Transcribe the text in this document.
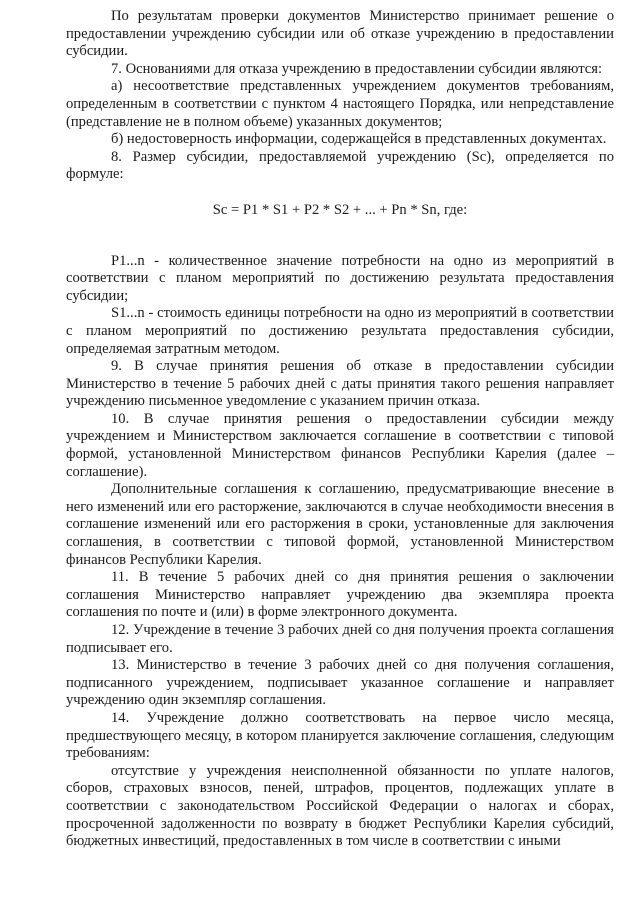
По результатам проверки документов Министерство принимает решение о предоставлении учреждению субсидии или об отказе учреждению в предоставлении субсидии.

7. Основаниями для отказа учреждению в предоставлении субсидии являются:

а) несоответствие представленных учреждением документов требованиям, определенным в соответствии с пунктом 4 настоящего Порядка, или непредставление (представление не в полном объеме) указанных документов;

б) недостоверность информации, содержащейся в представленных документах.

8. Размер субсидии, предоставляемой учреждению (Sс), определяется по формуле:

Sс = Р1 * S1 + Р2 * S2 + ... + Рn * Sn, где:

Р1...n - количественное значение потребности на одно из мероприятий в соответствии с планом мероприятий по достижению результата предоставления субсидии;

S1...n - стоимость единицы потребности на одно из мероприятий в соответствии с планом мероприятий по достижению результата предоставления субсидии, определяемая затратным методом.

9. В случае принятия решения об отказе в предоставлении субсидии Министерство в течение 5 рабочих дней с даты принятия такого решения направляет учреждению письменное уведомление с указанием причин отказа.

10. В случае принятия решения о предоставлении субсидии между учреждением и Министерством заключается соглашение в соответствии с типовой формой, установленной Министерством финансов Республики Карелия (далее – соглашение).

Дополнительные соглашения к соглашению, предусматривающие внесение в него изменений или его расторжение, заключаются в случае необходимости внесения в соглашение изменений или его расторжения в сроки, установленные для заключения соглашения, в соответствии с типовой формой, установленной Министерством финансов Республики Карелия.

11. В течение 5 рабочих дней со дня принятия решения о заключении соглашения Министерство направляет учреждению два экземпляра проекта соглашения по почте и (или) в форме электронного документа.

12. Учреждение в течение 3 рабочих дней со дня получения проекта соглашения подписывает его.

13. Министерство в течение 3 рабочих дней со дня получения соглашения, подписанного учреждением, подписывает указанное соглашение и направляет учреждению один экземпляр соглашения.

14. Учреждение должно соответствовать на первое число месяца, предшествующего месяцу, в котором планируется заключение соглашения, следующим требованиям:

отсутствие у учреждения неисполненной обязанности по уплате налогов, сборов, страховых взносов, пеней, штрафов, процентов, подлежащих уплате в соответствии с законодательством Российской Федерации о налогах и сборах, просроченной задолженности по возврату в бюджет Республики Карелия субсидий, бюджетных инвестиций, предоставленных в том числе в соответствии с иными
